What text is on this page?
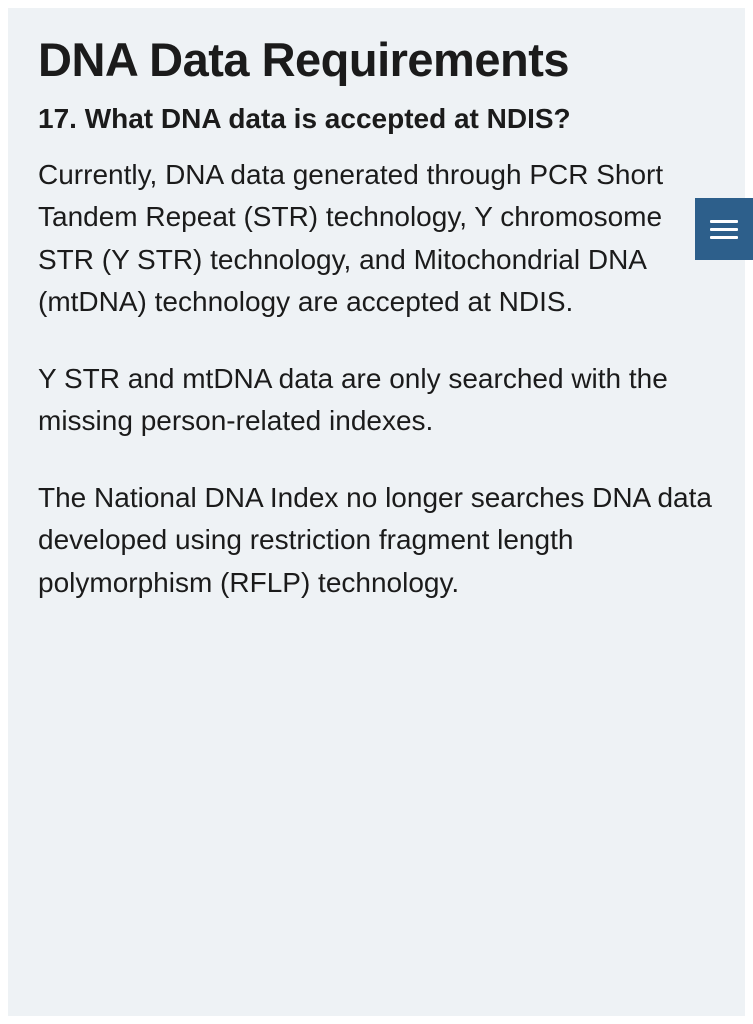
DNA Data Requirements
17. What DNA data is accepted at NDIS?

Currently, DNA data generated through PCR Short Tandem Repeat (STR) technology, Y chromosome STR (Y STR) technology, and Mitochondrial DNA (mtDNA) technology are accepted at NDIS.

Y STR and mtDNA data are only searched with the missing person-related indexes.

The National DNA Index no longer searches DNA data developed using restriction fragment length polymorphism (RFLP) technology.
